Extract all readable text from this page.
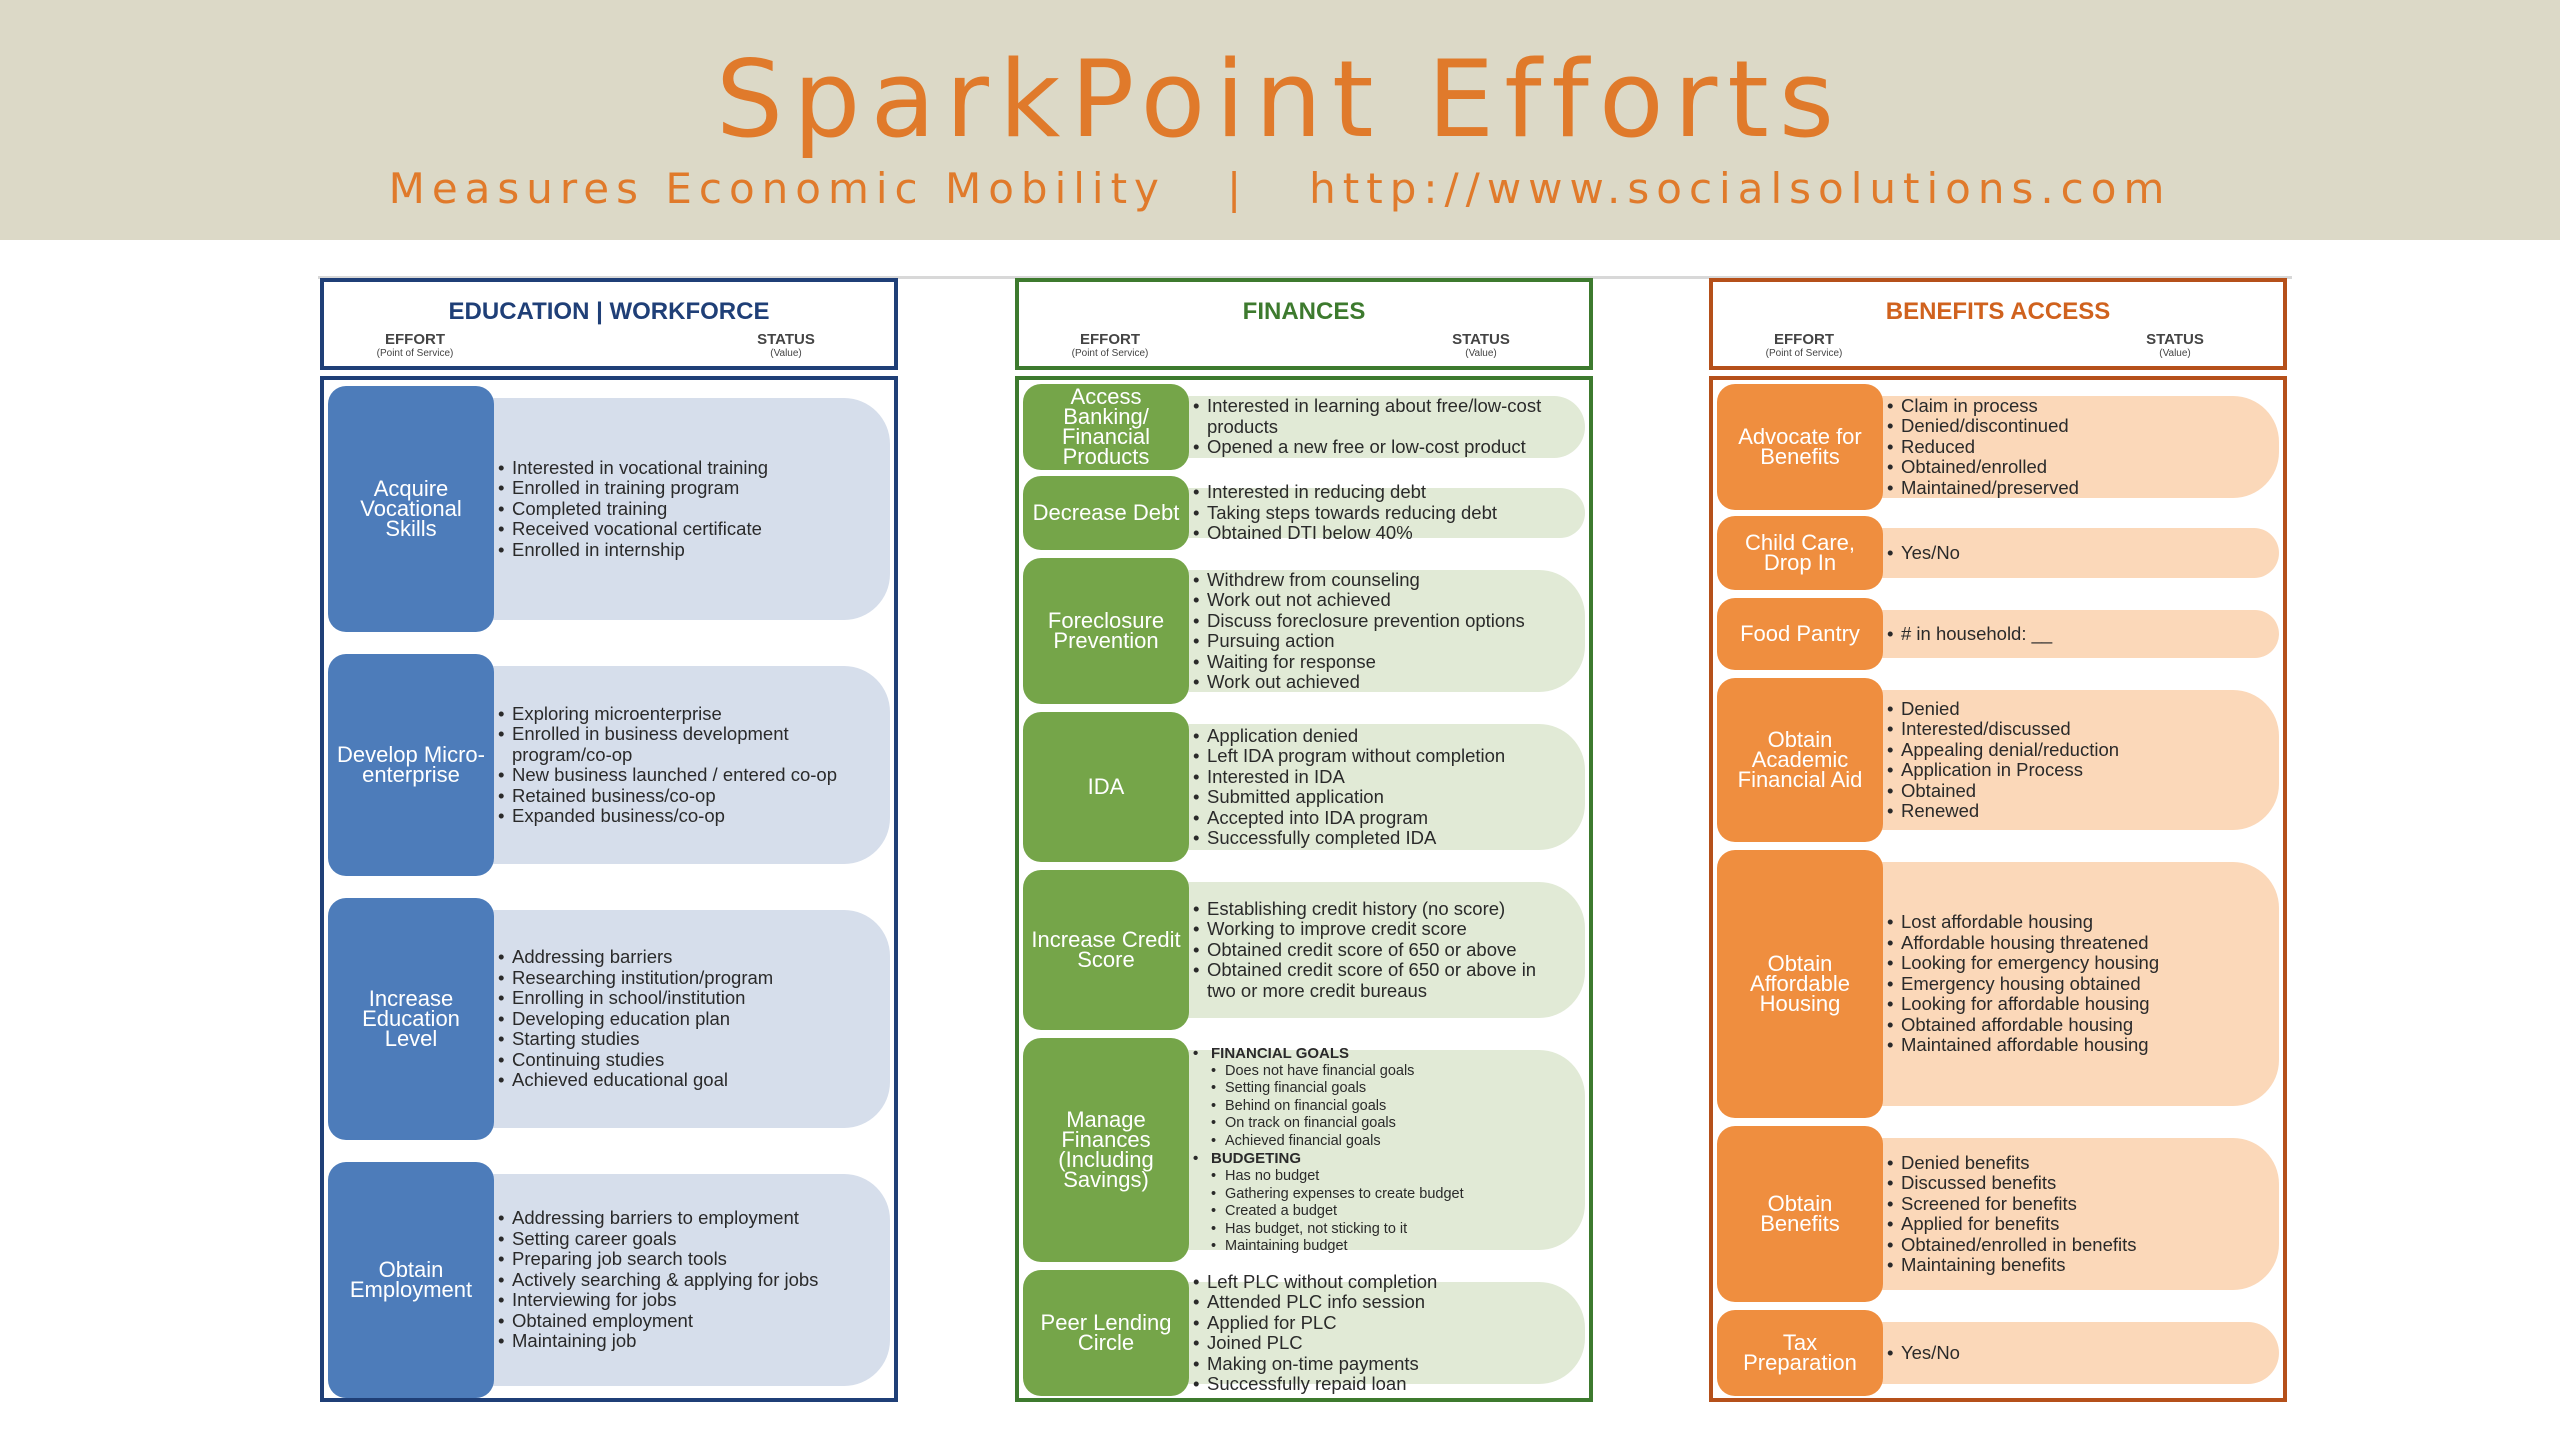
SparkPoint Efforts
Measures Economic Mobility   |   http://www.socialsolutions.com
EDUCATION | WORKFORCE
EFFORT
(Point of Service)
STATUS
(Value)
• Interested in vocational training
• Enrolled in training program
• Completed training
• Received vocational certificate
• Enrolled in internship
Acquire Vocational Skills
• Exploring microenterprise
• Enrolled in business development program/co-op
• New business launched / entered co-op
• Retained business/co-op
• Expanded business/co-op
Develop Micro-enterprise
• Addressing barriers
• Researching institution/program
• Enrolling in school/institution
• Developing education plan
• Starting studies
• Continuing studies
• Achieved educational goal
Increase Education Level
• Addressing barriers to employment
• Setting career goals
• Preparing job search tools
• Actively searching & applying for jobs
• Interviewing for jobs
• Obtained employment
• Maintaining job
Obtain Employment
FINANCES
EFFORT
(Point of Service)
STATUS
(Value)
• Interested in learning about free/low-cost products
• Opened a new free or low-cost product
Access Banking/ Financial Products
• Interested in reducing debt
• Taking steps towards reducing debt
• Obtained DTI below 40%
Decrease Debt
• Withdrew from counseling
• Work out not achieved
• Discuss foreclosure prevention options
• Pursuing action
• Waiting for response
• Work out achieved
Foreclosure Prevention
• Application denied
• Left IDA program without completion
• Interested in IDA
• Submitted application
• Accepted into IDA program
• Successfully completed IDA
IDA
• Establishing credit history (no score)
• Working to improve credit score
• Obtained credit score of 650 or above
• Obtained credit score of 650 or above in two or more credit bureaus
Increase Credit Score
• FINANCIAL GOALS
• Does not have financial goals
• Setting financial goals
• Behind on financial goals
• On track on financial goals
• Achieved financial goals
• BUDGETING
• Has no budget
• Gathering expenses to create budget
• Created a budget
• Has budget, not sticking to it
• Maintaining budget
Manage Finances (Including Savings)
• Left PLC without completion
• Attended PLC info session
• Applied for PLC
• Joined PLC
• Making on-time payments
• Successfully repaid loan
Peer Lending Circle
BENEFITS ACCESS
EFFORT
(Point of Service)
STATUS
(Value)
• Claim in process
• Denied/discontinued
• Reduced
• Obtained/enrolled
• Maintained/preserved
Advocate for Benefits
• Yes/No
Child Care, Drop In
• # in household: __
Food Pantry
• Denied
• Interested/discussed
• Appealing denial/reduction
• Application in Process
• Obtained
• Renewed
Obtain Academic Financial Aid
• Lost affordable housing
• Affordable housing threatened
• Looking for emergency housing
• Emergency housing obtained
• Looking for affordable housing
• Obtained affordable housing
• Maintained affordable housing
Obtain Affordable Housing
• Denied benefits
• Discussed benefits
• Screened for benefits
• Applied for benefits
• Obtained/enrolled in benefits
• Maintaining benefits
Obtain Benefits
• Yes/No
Tax Preparation
